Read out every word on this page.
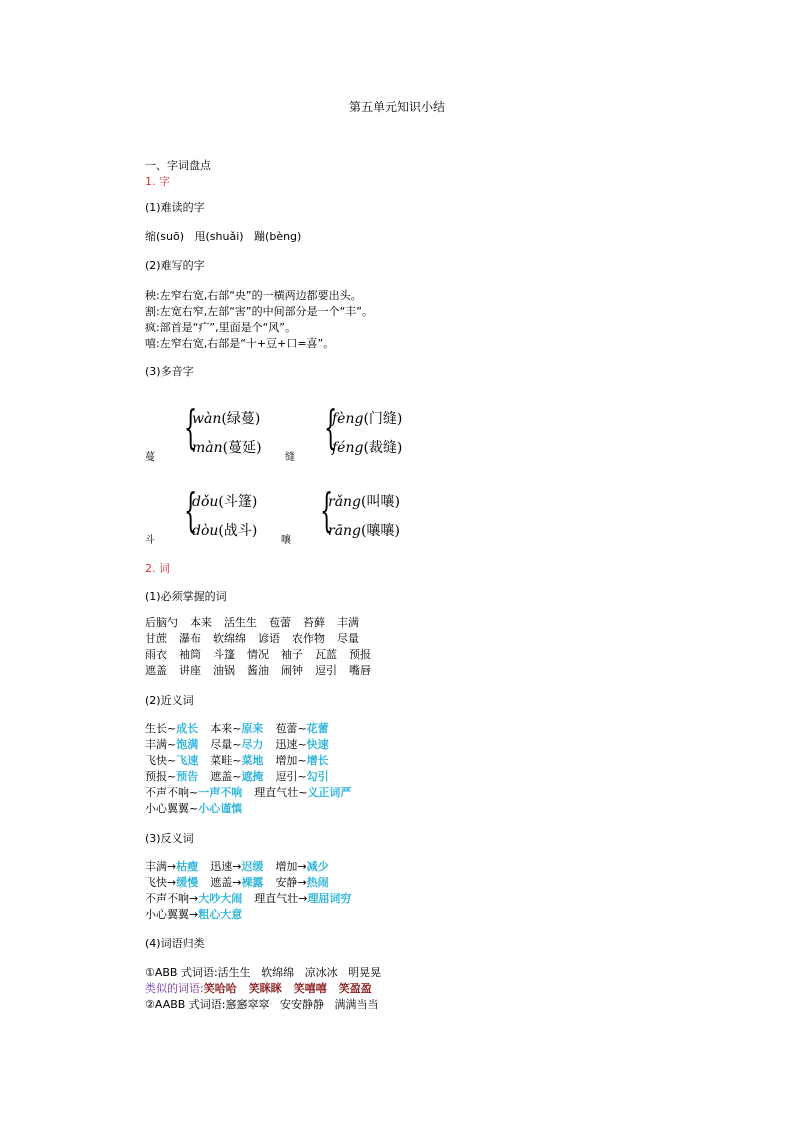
第五单元知识小结
一、字词盘点
1. 字
(1)难读的字
缩(suō)   甩(shuǎi)   蹦(bèng)
(2)难写的字
秧:左窄右宽,右部“央”的一横两边都要出头。
割:左宽右窄,左部“害”的中间部分是一个“丰”。
疯:部首是“疒”,里面是个“风”。
嘻:左窄右宽,右部是“十+豆+口=喜”。
(3)多音字
蔓
{
wàn(绿蔓)
màn(蔓延)
缝
{
fèng(门缝)
féng(裁缝)
斗
{
dǒu(斗篷)
dòu(战斗)
嚷
{
rǎng(叫嚷)
rāng(嚷嚷)
2. 词
(1)必须掌握的词
后脑勺 本来 活生生 苞蕾 苔藓 丰满
甘蔗 瀑布 软绵绵 谚语 农作物 尽量
雨衣 袖筒 斗篷 情况 袖子 瓦蓝 预报
遮盖 讲座 油锅 酱油 闹钟 逗引 嘴唇
(2)近义词
生长~成长 本来~原来 苞蕾~花蕾
丰满~饱满 尽量~尽力 迅速~快速
飞快~飞速 菜畦~菜地 增加~增长
预报~预告 遮盖~遮掩 逗引~勾引
不声不响~一声不响 理直气壮~义正词严
小心翼翼~小心谨慎
(3)反义词
丰满→枯瘦 迅速→迟缓 增加→减少
飞快→缓慢 遮盖→裸露 安静→热闹
不声不响→大吵大闹 理直气壮→理屈词穷
小心翼翼→粗心大意
(4)词语归类
①ABB 式词语:活生生   软绵绵   凉冰冰   明晃晃
类似的词语:笑哈哈 笑眯眯 笑嘻嘻 笑盈盈
②AABB 式词语:窸窸窣窣   安安静静   满满当当
